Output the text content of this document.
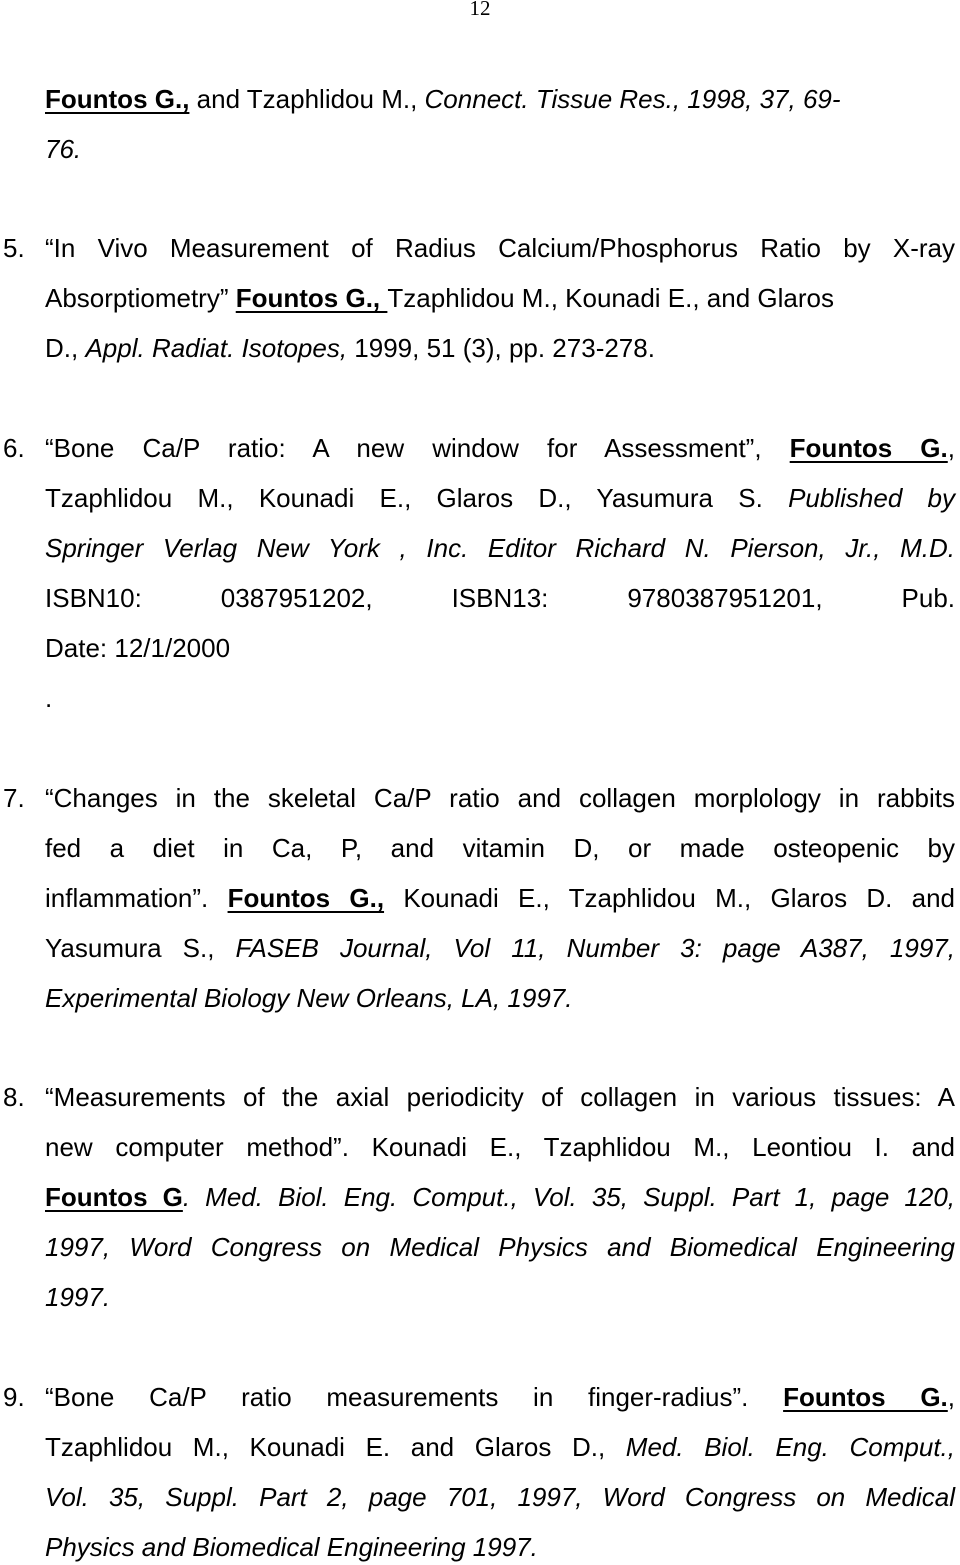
12
Fountos G., and Tzaphlidou M., Connect. Tissue Res., 1998, 37, 69-
76.
5. “In Vivo Measurement of Radius Calcium/Phosphorus Ratio by X-ray
Absorptiometry” Fountos G., Tzaphlidou M., Kounadi E., and Glaros
D., Appl. Radiat. Isotopes, 1999, 51 (3), pp. 273-278.
6. “Bone Ca/P ratio: A new window for Assessment”, Fountos G.,
Tzaphlidou M., Kounadi E., Glaros D., Yasumura S. Published by
Springer Verlag New York , Inc. Editor Richard N. Pierson, Jr., M.D.
ISBN10: 0387951202, ISBN13: 9780387951201, Pub.
Date: 12/1/2000
.
7. “Changes in the skeletal Ca/P ratio and collagen morplology in rabbits
fed a diet in Ca, P, and vitamin D, or made osteopenic by
inflammation”. Fountos G., Kounadi E., Tzaphlidou M., Glaros D. and
Yasumura S., FASEB Journal, Vol 11, Number 3: page A387, 1997,
Experimental Biology New Orleans, LA, 1997.
8. “Measurements of the axial periodicity of collagen in various tissues: A
new computer method”. Kounadi E., Tzaphlidou M., Leontiou I. and
Fountos G. Med. Biol. Eng. Comput., Vol. 35, Suppl. Part 1, page 120,
1997, Word Congress on Medical Physics and Biomedical Engineering
1997.
9. “Bone Ca/P ratio measurements in finger-radius”. Fountos G.,
Tzaphlidou M., Kounadi E. and Glaros D., Med. Biol. Eng. Comput.,
Vol. 35, Suppl. Part 2, page 701, 1997, Word Congress on Medical
Physics and Biomedical Engineering 1997.
